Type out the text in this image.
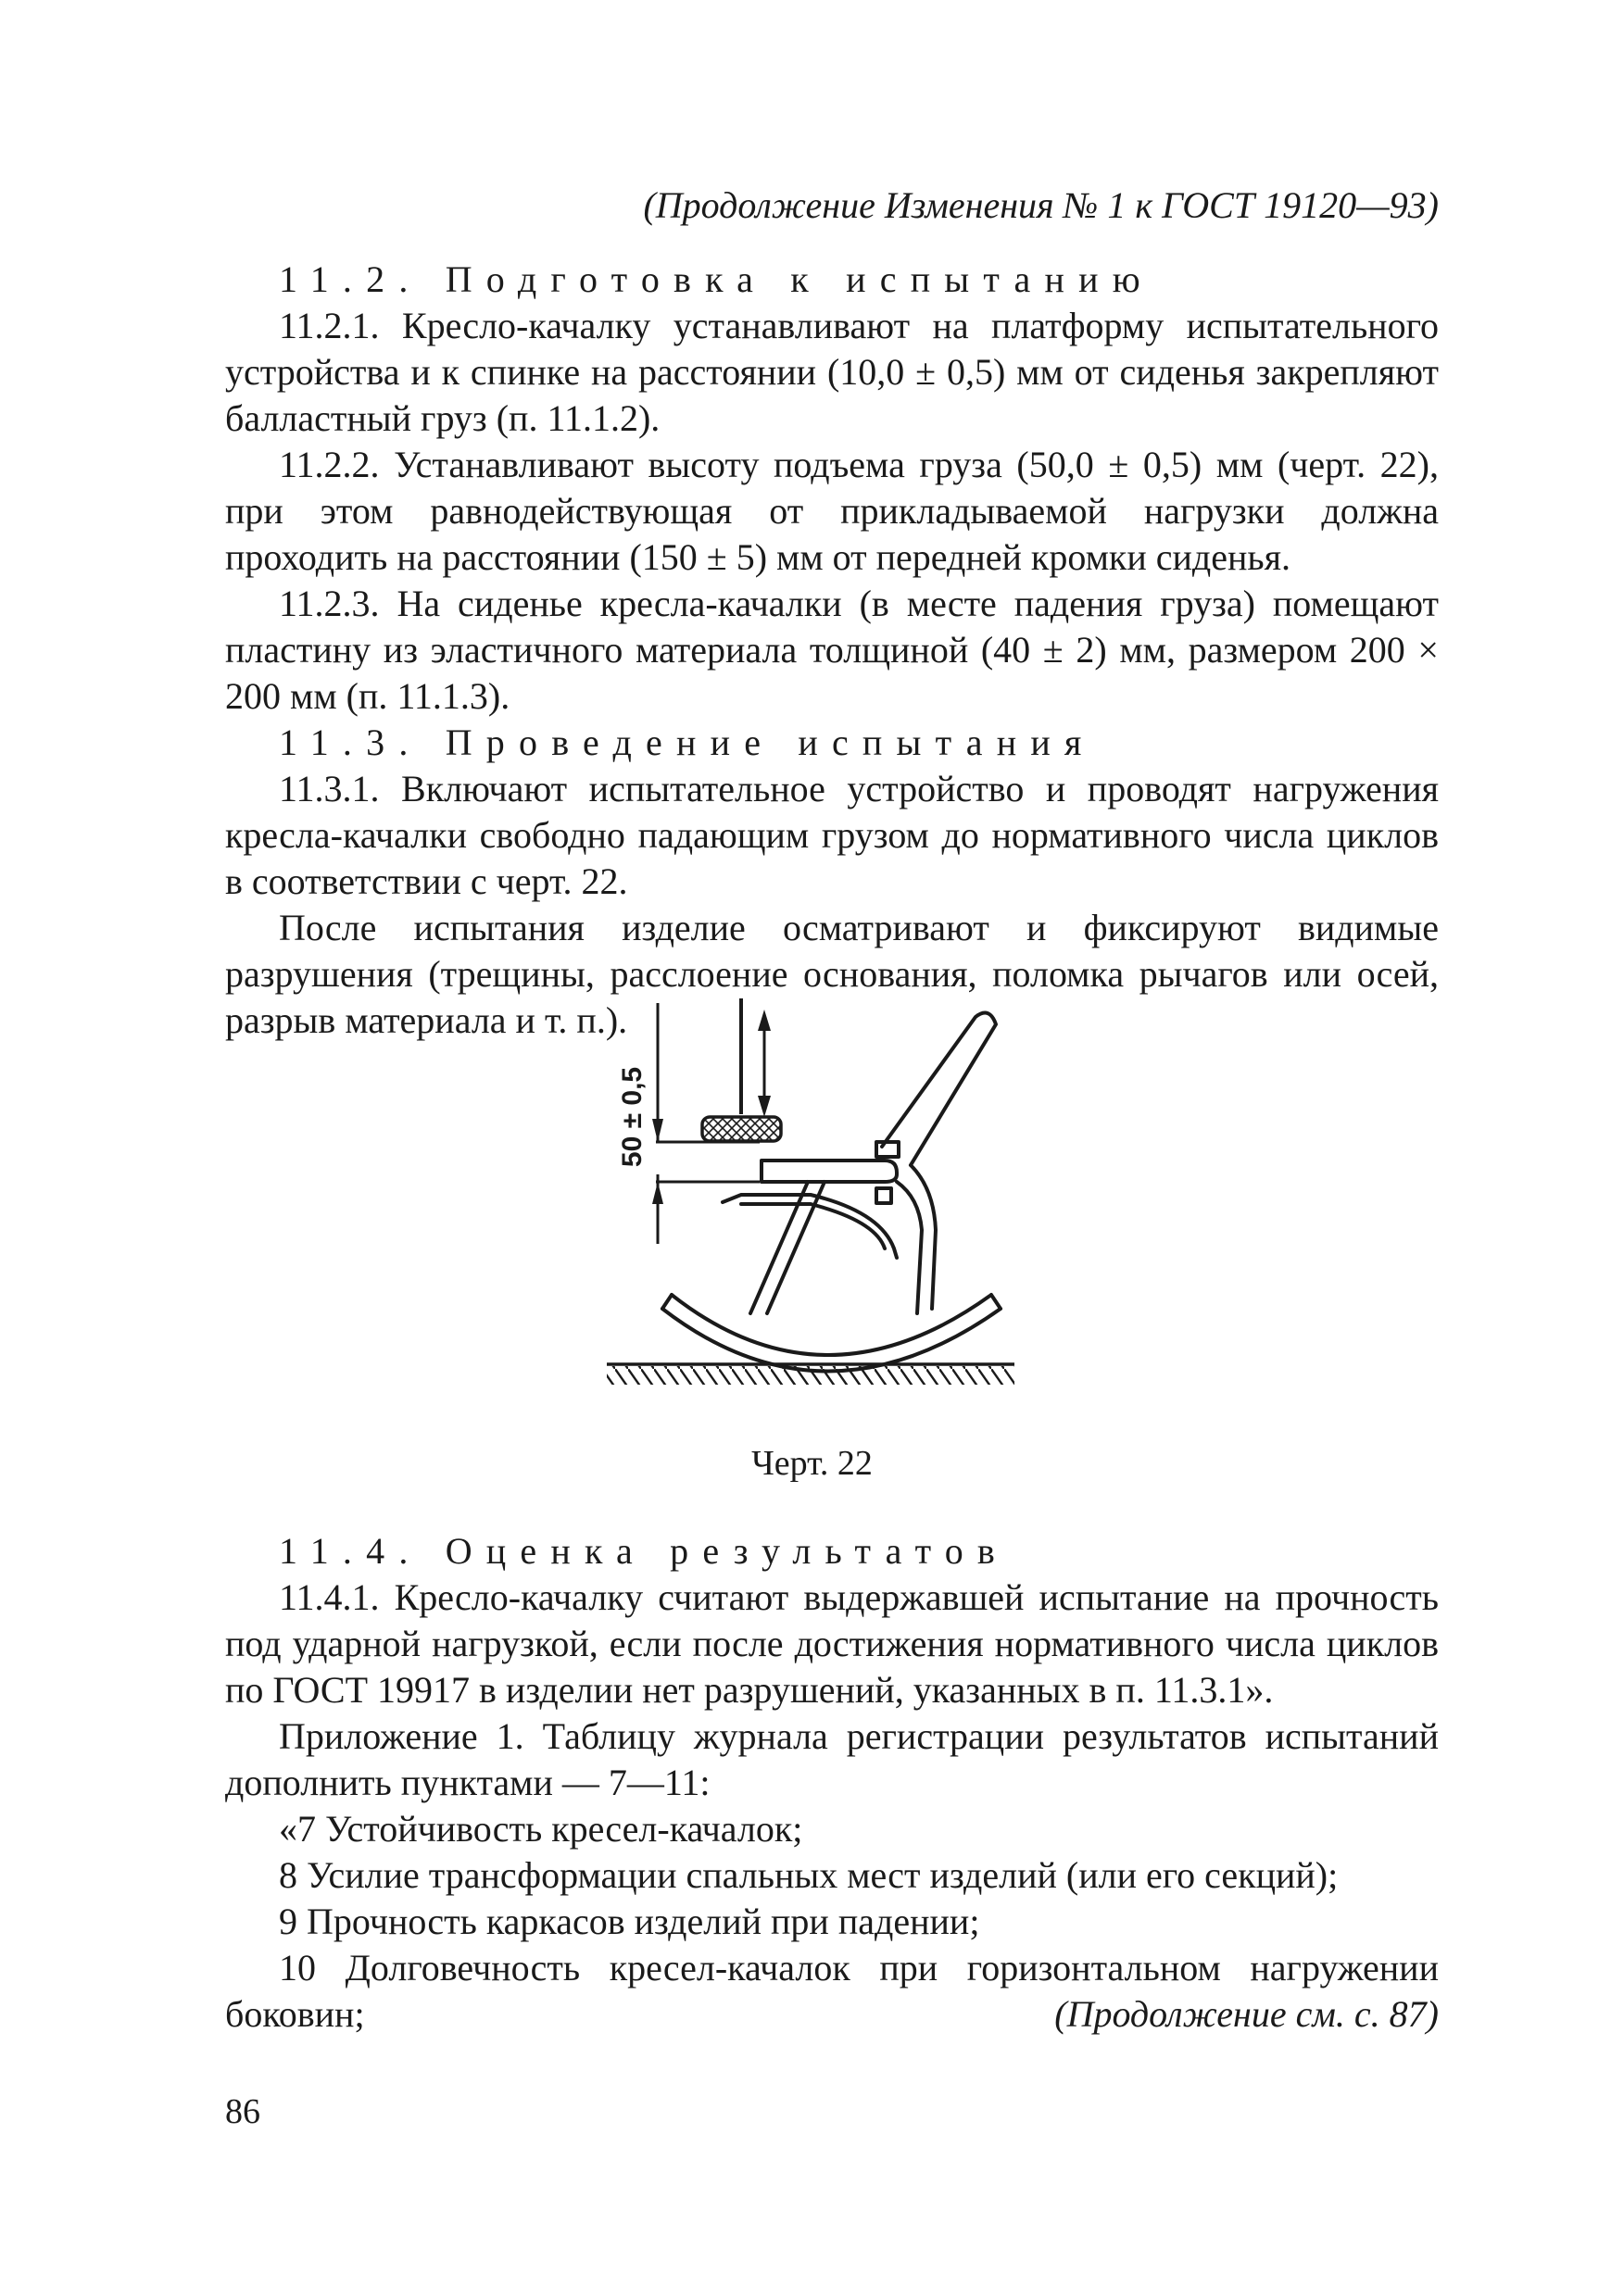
(Продолжение Изменения № 1 к ГОСТ 19120—93)

11.2. Подготовка к испытанию

11.2.1. Кресло-качалку устанавливают на платформу испытательного устройства и к спинке на расстоянии (10,0 ± 0,5) мм от сиденья закрепляют балластный груз (п. 11.1.2).

11.2.2. Устанавливают высоту подъема груза (50,0 ± 0,5) мм (черт. 22), при этом равнодействующая от прикладываемой нагрузки должна проходить на расстоянии (150 ± 5) мм от передней кромки сиденья.

11.2.3. На сиденье кресла-качалки (в месте падения груза) помещают пластину из эластичного материала толщиной (40 ± 2) мм, размером 200 × 200 мм (п. 11.1.3).

11.3. Проведение испытания

11.3.1. Включают испытательное устройство и проводят нагружения кресла-качалки свободно падающим грузом до нормативного числа циклов в соответствии с черт. 22.

После испытания изделие осматривают и фиксируют видимые разрушения (трещины, расслоение основания, поломка рычагов или осей, разрыв материала и т. п.).

50 ± 0,5
Черт. 22

11.4. Оценка результатов

11.4.1. Кресло-качалку считают выдержавшей испытание на прочность под ударной нагрузкой, если после достижения нормативного числа циклов по ГОСТ 19917 в изделии нет разрушений, указанных в п. 11.3.1».

Приложение 1. Таблицу журнала регистрации результатов испытаний дополнить пунктами — 7—11:

«7 Устойчивость кресел-качалок;

8 Усилие трансформации спальных мест изделий (или его секций);

9 Прочность каркасов изделий при падении;

10 Долговечность кресел-качалок при горизонтальном нагружении боковин;	(Продолжение см. с. 87)
86
